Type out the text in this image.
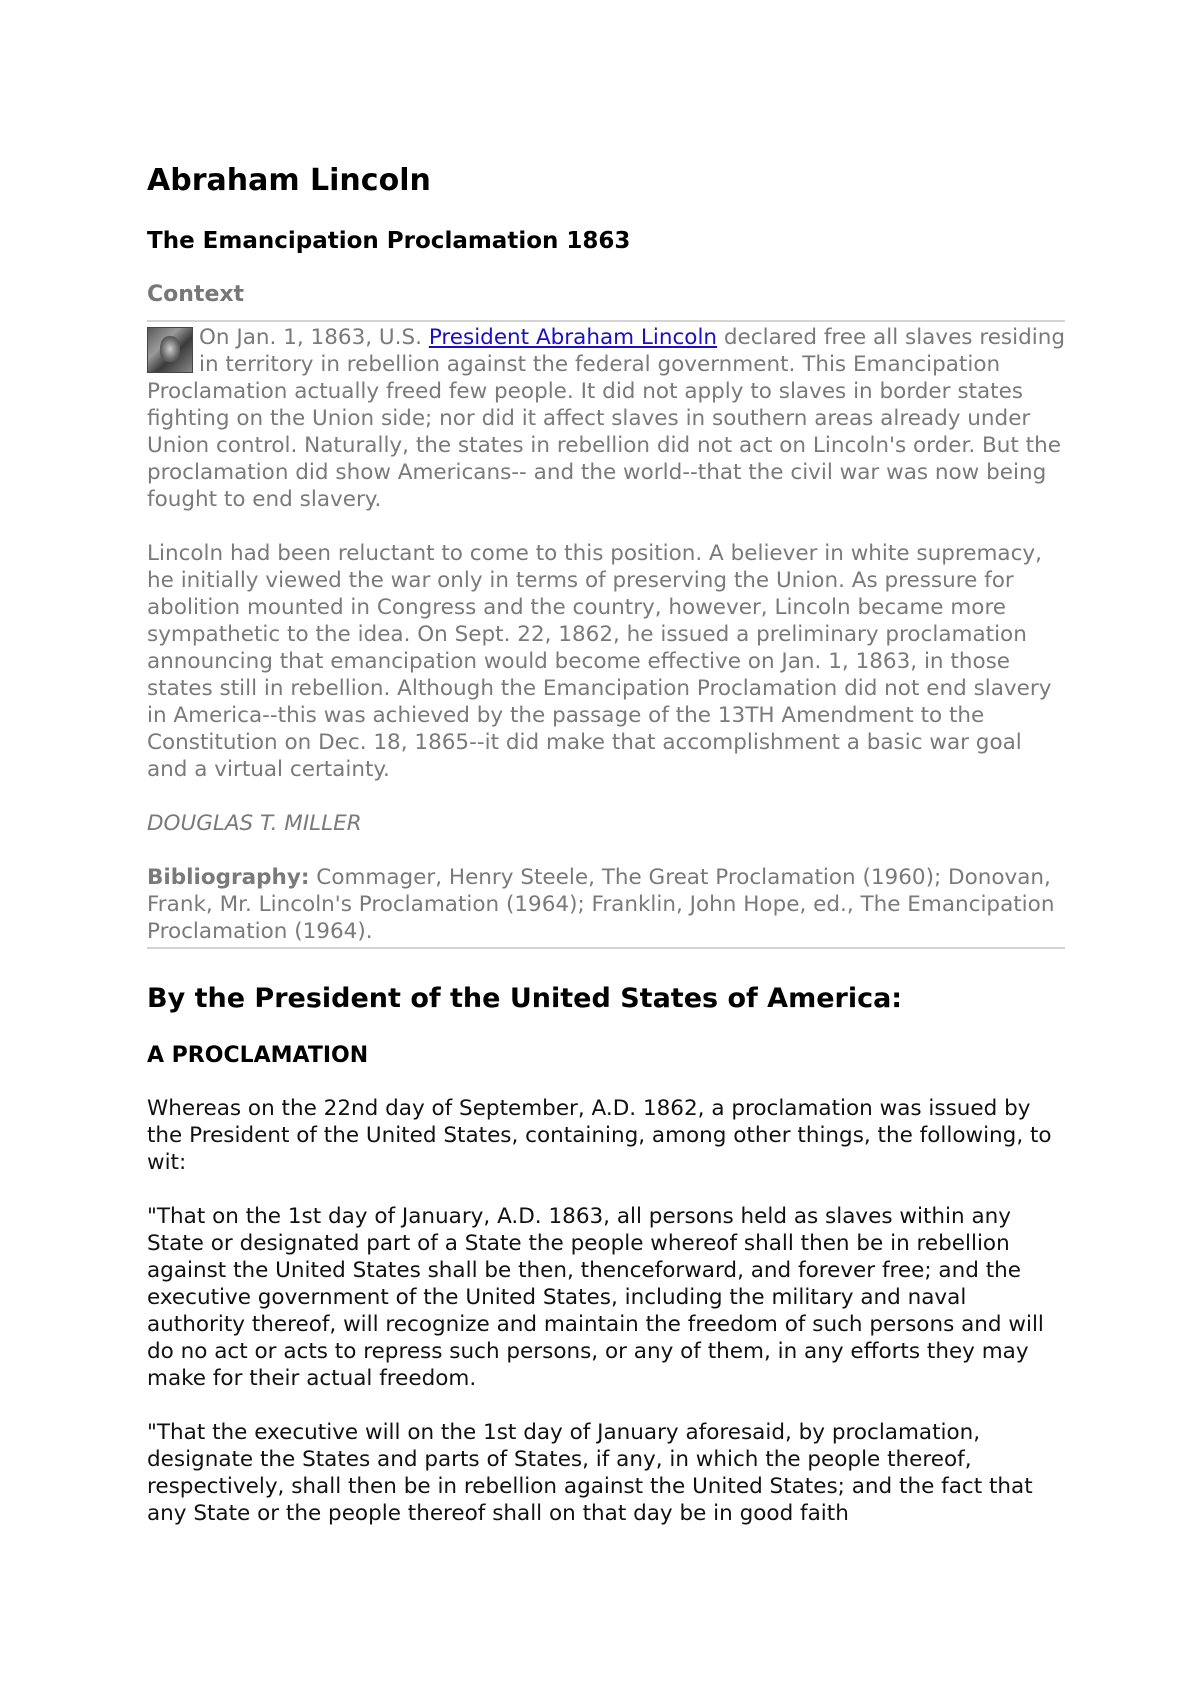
Abraham Lincoln
The Emancipation Proclamation 1863
Context

On Jan. 1, 1863, U.S. President Abraham Lincoln declared free all slaves residing in territory in rebellion against the federal government. This Emancipation Proclamation actually freed few people. It did not apply to slaves in border states fighting on the Union side; nor did it affect slaves in southern areas already under Union control. Naturally, the states in rebellion did not act on Lincoln's order. But the proclamation did show Americans-- and the world--that the civil war was now being fought to end slavery.

Lincoln had been reluctant to come to this position. A believer in white supremacy, he initially viewed the war only in terms of preserving the Union. As pressure for abolition mounted in Congress and the country, however, Lincoln became more sympathetic to the idea. On Sept. 22, 1862, he issued a preliminary proclamation announcing that emancipation would become effective on Jan. 1, 1863, in those states still in rebellion. Although the Emancipation Proclamation did not end slavery in America--this was achieved by the passage of the 13TH Amendment to the Constitution on Dec. 18, 1865--it did make that accomplishment a basic war goal and a virtual certainty.

DOUGLAS T. MILLER

Bibliography: Commager, Henry Steele, The Great Proclamation (1960); Donovan, Frank, Mr. Lincoln's Proclamation (1964); Franklin, John Hope, ed., The Emancipation Proclamation (1964).

By the President of the United States of America:
A PROCLAMATION

Whereas on the 22nd day of September, A.D. 1862, a proclamation was issued by the President of the United States, containing, among other things, the following, to wit:

"That on the 1st day of January, A.D. 1863, all persons held as slaves within any State or designated part of a State the people whereof shall then be in rebellion against the United States shall be then, thenceforward, and forever free; and the executive government of the United States, including the military and naval authority thereof, will recognize and maintain the freedom of such persons and will do no act or acts to repress such persons, or any of them, in any efforts they may make for their actual freedom.

"That the executive will on the 1st day of January aforesaid, by proclamation, designate the States and parts of States, if any, in which the people thereof, respectively, shall then be in rebellion against the United States; and the fact that any State or the people thereof shall on that day be in good faith
